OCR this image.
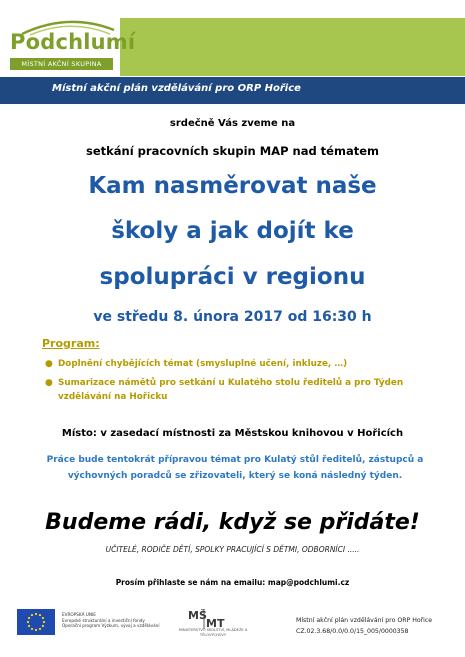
Podchlumí
MÍSTNÍ AKČNÍ SKUPINA
Místní akční plán vzdělávání pro ORP Hořice
srdečně Vás zveme na
setkání pracovních skupin MAP nad tématem
Kam nasměrovat naše
školy a jak dojít ke
spolupráci v regionu
ve středu 8. února 2017 od 16:30 h
Program:
● Doplnění chybějících témat (smysluplné učení, inkluze, …)
● Sumarizace námětů pro setkání u Kulatého stolu ředitelů a pro Týden vzdělávání na Hořicku
Místo: v zasedací místnosti za Městskou knihovou v Hořicích
Práce bude tentokrát přípravou témat pro Kulatý stůl ředitelů, zástupců a výchovných poradců se zřizovateli, který se koná následný týden.
Budeme rádi, když se přidáte!
UČITELÉ, RODIČE DĚTÍ, SPOLKY PRACUJÍCÍ S DĚTMI, ODBORNÍCI .....
Prosím přihlaste se nám na emailu: map@podchlumi.cz
EVROPSKÁ UNIE
Evropské strukturální a investiční fondy
Operační program Výzkum, vývoj a vzdělávání
MŠ
MT
MINISTERSTVO ŠKOLSTVÍ, MLÁDEŽE A TĚLOVÝCHOVY
Místní akční plán vzdělávání pro ORP Hořice
CZ.02.3.68/0.0/0.0/15_005/0000358
